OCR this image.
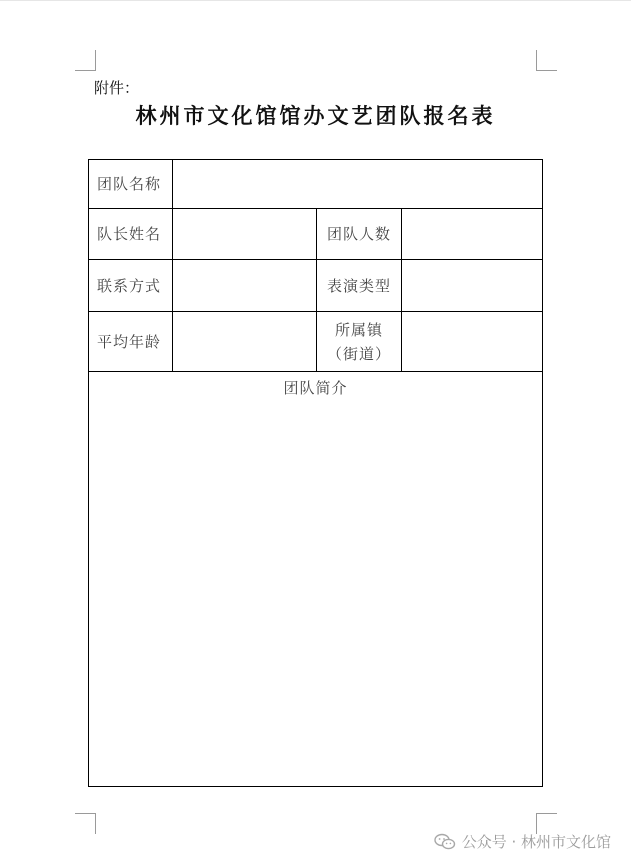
附件：
林州市文化馆馆办文艺团队报名表
团队名称
队长姓名	团队人数
联系方式	表演类型
平均年龄
所属镇
（街道）
团队简介
公众号 · 林州市文化馆
